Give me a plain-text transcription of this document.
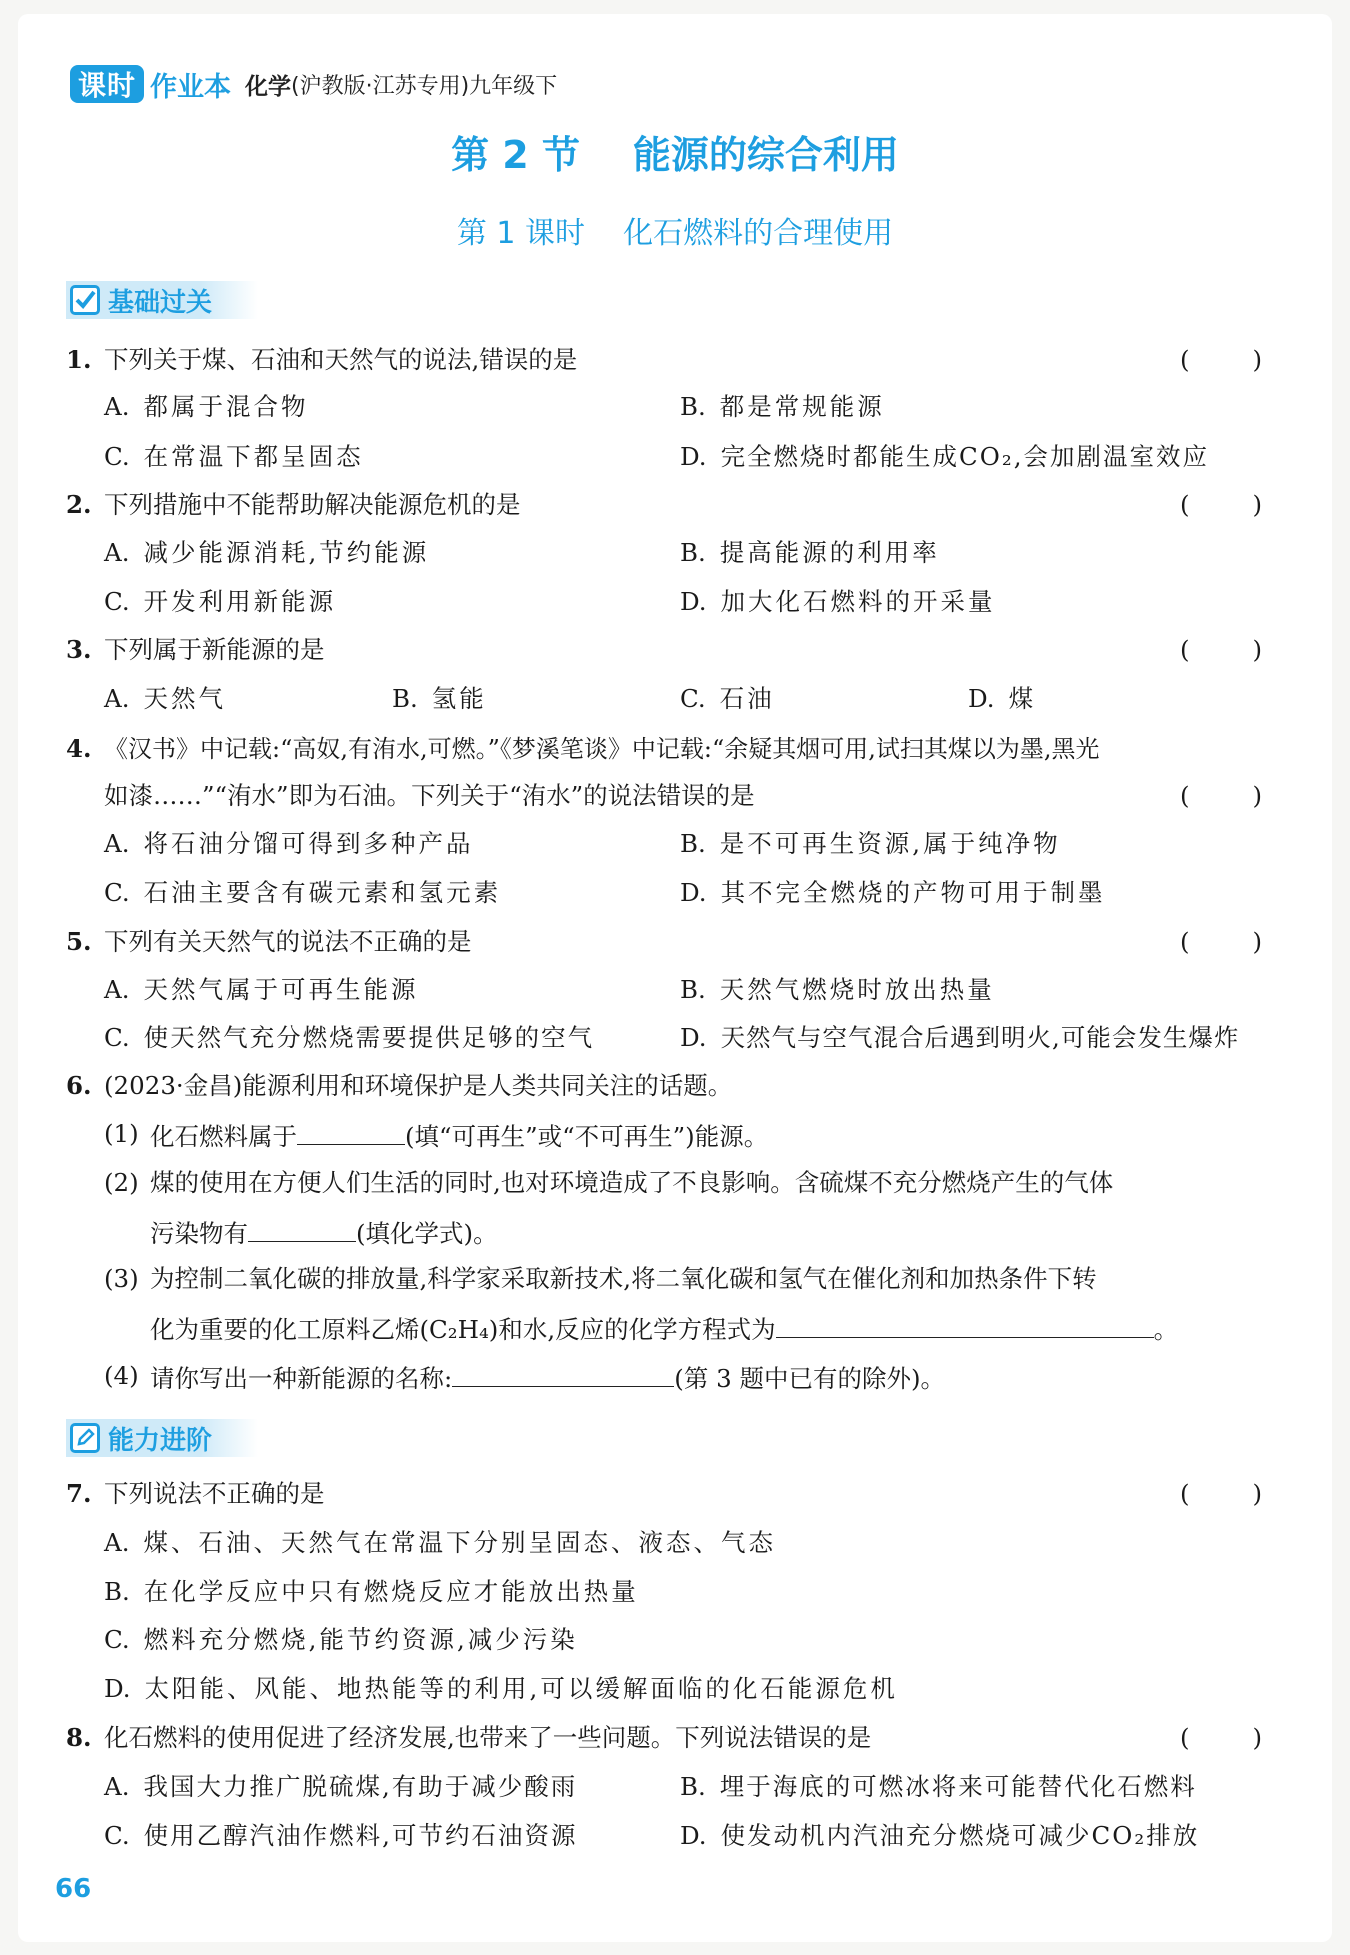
课时 作业本 化学 (沪教版·江苏专用)九年级下
第 2 节    能源的综合利用
第 1 课时    化石燃料的合理使用
基础过关
1. 下列关于煤、石油和天然气的说法,错误的是	(	)
A. 都属于混合物	B. 都是常规能源
C. 在常温下都呈固态	D. 完全燃烧时都能生成CO₂,会加剧温室效应
2. 下列措施中不能帮助解决能源危机的是	(	)
A. 减少能源消耗,节约能源	B. 提高能源的利用率
C. 开发利用新能源	D. 加大化石燃料的开采量
3. 下列属于新能源的是	(	)
A. 天然气	B. 氢能	C. 石油	D. 煤
4. 《汉书》中记载:“高奴,有洧水,可燃。”《梦溪笔谈》中记载:“余疑其烟可用,试扫其煤以为墨,黑光
如漆……”“洧水”即为石油。下列关于“洧水”的说法错误的是	(	)
A. 将石油分馏可得到多种产品	B. 是不可再生资源,属于纯净物
C. 石油主要含有碳元素和氢元素	D. 其不完全燃烧的产物可用于制墨
5. 下列有关天然气的说法不正确的是	(	)
A. 天然气属于可再生能源	B. 天然气燃烧时放出热量
C. 使天然气充分燃烧需要提供足够的空气	D. 天然气与空气混合后遇到明火,可能会发生爆炸
6. (2023·金昌)能源利用和环境保护是人类共同关注的话题。
(1) 化石燃料属于	(填“可再生”或“不可再生”)能源。
(2) 煤的使用在方便人们生活的同时,也对环境造成了不良影响。含硫煤不充分燃烧产生的气体
污染物有	(填化学式)。
(3) 为控制二氧化碳的排放量,科学家采取新技术,将二氧化碳和氢气在催化剂和加热条件下转
化为重要的化工原料乙烯(C₂H₄)和水,反应的化学方程式为	。
(4) 请你写出一种新能源的名称:	(第 3 题中已有的除外)。
能力进阶
7. 下列说法不正确的是	(	)
A. 煤、石油、天然气在常温下分别呈固态、液态、气态
B. 在化学反应中只有燃烧反应才能放出热量
C. 燃料充分燃烧,能节约资源,减少污染
D. 太阳能、风能、地热能等的利用,可以缓解面临的化石能源危机
8. 化石燃料的使用促进了经济发展,也带来了一些问题。下列说法错误的是	(	)
A. 我国大力推广脱硫煤,有助于减少酸雨	B. 埋于海底的可燃冰将来可能替代化石燃料
C. 使用乙醇汽油作燃料,可节约石油资源	D. 使发动机内汽油充分燃烧可减少CO₂排放
66
